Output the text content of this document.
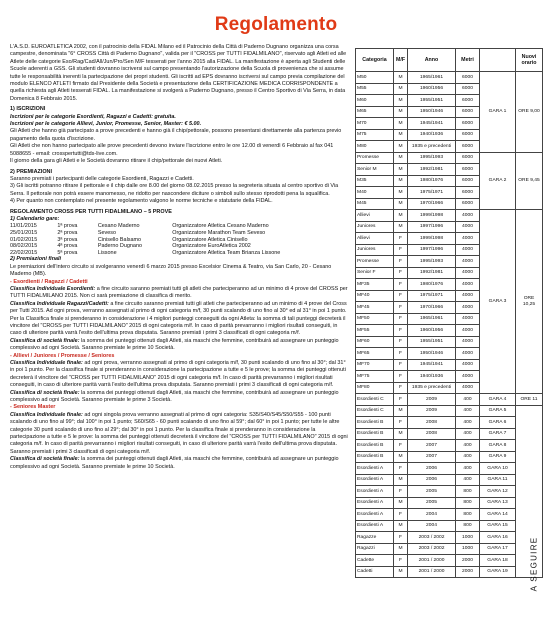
Regolamento

L'A.S.D. EUROATLETICA 2002, con il patrocinio della FIDAL Milano ed il Patrocinio della Città di Paderno Dugnano organizza una corsa campestre, denominata "6° CROSS Città di Paderno Dugnano", valida per il "CROSS per TUTTI FIDALMILANO", riservato agli Atleti ed alle Atlete delle categorie Eso/Rag/Cad/All/Jun/Pro/Sen M/F tesserati per l'anno 2015 alla FIDAL. La manifestazione è aperta agli Studenti delle Scuole aderenti a GSS. Gli studenti dovranno iscriversi sul campo presentando l'autorizzazione della Scuola di provenienza che si assume tutte le responsabilità inerenti la partecipazione dei propri studenti. Gli iscritti ad EPS dovranno iscriversi sul campo previa compilazione del modulo ELENCO ATLETI firmato dal Presidente della Società e presentazione della CERTIFICAZIONE MEDICA CORRISPONDENTE a quella richiesta agli Atleti tesserati FIDAL. La manifestazione si svolgerà a Paderno Dugnano, presso il Centro Sportivo di Via Serra, in data Domenica 8 Febbraio 2015.

1) ISCRIZIONI

Iscrizioni per le categorie Esordienti, Ragazzi e Cadetti: gratuita.

Iscrizioni per le categorie Allievi, Junior, Promesse, Senior, Master: € 5.00.

Gli Atleti che hanno già partecipato a prove precedenti e hanno già il chip/pettorale, possono presentarsi direttamente alla partenza previo pagamento della quota d'iscrizione.

Gli Atleti che non hanno partecipato alle prove precedenti devono inviare l'iscrizione entro le ore 12.00 di venerdì 6 Febbraio al fax 041 5088655 - email: crosspertutti@tds-live.com.

Il giorno della gara gli Atleti e le Società dovranno ritirare il chip/pettorale dei nuovi Atleti.

2) PREMIAZIONI

Saranno premiati i partecipanti delle categorie Esordienti, Ragazzi e Cadetti.

3) Gli iscritti potranno ritirare il pettorale e il chip dalle ore 8.00 del giorno 08.02.2015 presso la segreteria situata al centro sportivo di Via Serra. Il pettorale non potrà essere manomesso, ne ridotto per nascondere diciture o simboli sullo stesso riprodotti pena la squalifica.

4) Per quanto non contemplato nel presente regolamento valgono le norme tecniche e statutarie della FIDAL.

REGOLAMENTO CROSS PER TUTTI FIDALMILANO – 5 PROVE

1) Calendario gare:

11/01/2015	1ª prova	Cesano Maderno	Organizzatore Atletica Cesano Maderno
25/01/2015	2ª prova	Seveso	Organizzatore Marathon Team Seveso
01/02/2015	3ª prova	Cinisello Balsamo	Organizzatore Atletica Cinisello
08/02/2015	4ª prova	Paderno Dugnano	Organizzatore EuroAtletica 2002
22/02/2015	5ª prova	Lissone	Organizzatore Atletica Team Brianza Lissone

2) Premiazioni finali

Le premiazioni dell'intero circuito si svolgeranno venerdì 6 marzo 2015 presso Excelsior Cinema & Teatro, via San Carlo, 20 - Cesano Maderno (MB).

- Esordienti / Ragazzi / Cadetti

Classifica Individuale Esordienti: a fine circuito saranno premiati tutti gli atleti che parteciperanno ad un minimo di 4 prove del CROSS per TUTTI FIDALMILANO 2015. Non ci sarà premiazione di classifica di merito.

Classifica Individuale Ragazzi/Cadetti: a fine circuito saranno premiati tutti gli atleti che parteciperanno ad un minimo di 4 prove del Cross per Tutti 2015. Ad ogni prova, verranno assegnati al primo di ogni categoria m/f, 30 punti scalando di uno fino al 30° ed al 31° in poi 1 punto. Per la Classifica finale si prenderanno in considerazione i 4 migliori punteggi conseguiti da ogni Atleta: la somma di tali punteggi decreterà il vincitore del "CROSS per TUTTI FIDALMILANO" 2015 di ogni categoria m/f. In caso di parità prevarranno i migliori risultati conseguiti, in caso di ulteriore parità varrà l'esito dell'ultima prova disputata. Saranno premiati i primi 3 classificati di ogni categoria m/f.

Classifica di società finale: la somma dei punteggi ottenuti dagli Atleti, sia maschi che femmine, contribuirà ad assegnare un punteggio complessivo ad ogni Società. Saranno premiate le prime 10 Società.

- Allievi / Juniores / Promesse / Seniores

Classifica Individuale finale: ad ogni prova, verranno assegnati al primo di ogni categoria m/f, 30 punti scalando di uno fino al 30°; dal 31° in poi 1 punto. Per la classifica finale si prenderanno in considerazione la partecipazione a tutte e 5 le prove; la somma dei punteggi ottenuti decreterà il vincitore del "CROSS per TUTTI FIDALMILANO" 2015 di ogni categoria m/f. In caso di parità prevarranno i migliori risultati conseguiti, in caso di ulteriore parità varrà l'esito dell'ultima prova disputata. Saranno premiati i primi 3 classificati di ogni categoria m/f.

Classifica di società finale: la somma dei punteggi ottenuti dagli Atleti, sia maschi che femmine, contribuirà ad assegnare un punteggio complessivo ad ogni Società. Saranno premiate le prime 3 Società.

- Seniores Master

Classifica Individuale finale: ad ogni singola prova verranno assegnati al primo di ogni categoria: S35/S40/S45/S50/S55 - 100 punti scalando di uno fino al 99°; dal 100° in poi 1 punto; S60/S65 - 60 punti scalando di uno fino al 59°; dal 60° in poi 1 punto; per tutte le altre categorie 30 punti scalando di uno fino al 29°; dal 30° in poi 1 punto. Per la classifica finale si prenderanno in considerazione la partecipazione a tutte e 5 le prove: la somma dei punteggi ottenuti decreterà il vincitore del "CROSS per TUTTI FIDALMILANO" 2015 di ogni categoria m/f. In caso di parità prevarranno i migliori risultati conseguiti, in caso di ulteriore parità varrà l'esito dell'ultima prova disputata. Saranno premiati i primi 3 classificati di ogni categoria m/f.

Classifica di società finale: la somma dei punteggi ottenuti dagli Atleti, sia maschi che femmine, contribuirà ad assegnare un punteggio complessivo ad ogni Società. Saranno premiate le prime 10 Società.

Categoria	M/F	Anno	Metri		Nuovi orario
M50	M	1965/1961	6000	GARA 1	ORE 9,00
M55	M	1960/1956	6000		
M60	M	1955/1951	6000		
M65	M	1950/1946	6000		
M70	M	1945/1941	6000		
M75	M	1940/1936	6000		
M80	M	1935 e precedenti	6000		
Promesse	M	1995/1993	6000	GARA 2	ORE 9,45
Senior M	M	1992/1981	6000		
M35	M	1980/1976	6000		
M40	M	1975/1971	6000		
M45	M	1970/1966	6000		
Allievi	M	1999/1998	4000	GARA 3	ORE 10,25
Juniores	M	1997/1996	4000		
Allievi	F	1999/1998	4000		
Juniores	F	1997/1996	4000		
Promesse	F	1995/1993	4000		
Senior F	F	1992/1981	4000		
MF35	F	1980/1976	4000		
MF40	F	1975/1971	4000		
MF45	F	1970/1966	4000		
MF50	F	1965/1961	4000		
MF55	F	1960/1956	4000		
MF60	F	1955/1951	4000		
MF65	F	1950/1946	4000		
MF70	F	1945/1941	4000		
MF75	F	1940/1936	4000		
MF80	F	1935 e precedenti	4000		
Esordienti C	F	2009	400	GARA 4	ORE 11
Esordienti C	M	2009	400	GARA 5	
Esordienti B	F	2008	400	GARA 6	
Esordienti B	M	2008	400	GARA 7	
Esordienti B	F	2007	400	GARA 8	
Esordienti B	M	2007	400	GARA 9	
Esordienti A	F	2006	400	GARA 10	
Esordienti A	M	2006	400	GARA 11	
Esordienti A	F	2005	800	GARA 12	
Esordienti A	M	2005	800	GARA 13	
Esordienti A	F	2004	800	GARA 14	
Esordienti A	M	2004	800	GARA 15	
Ragazze	F	2003 / 2002	1000	GARA 16	
Ragazzi	M	2003 / 2002	1000	GARA 17	
Cadette	F	2001 / 2000	2000	GARA 18	
Cadetti	M	2001 / 2000	2000	GARA 19		A SEGUIRE
